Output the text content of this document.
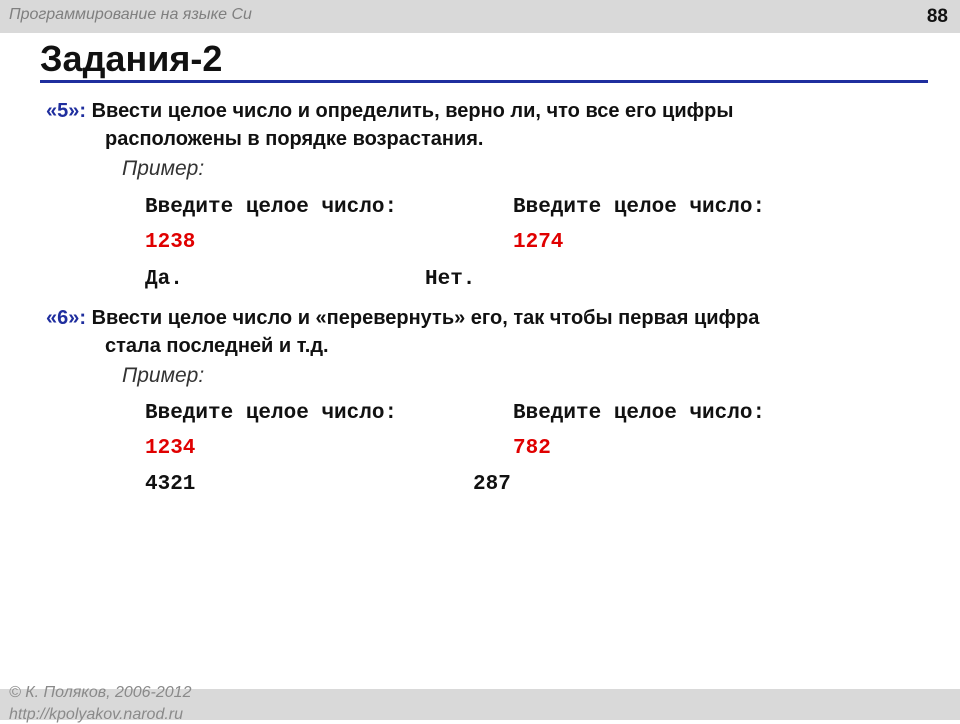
Программирование на языке Си	88
Задания-2
«5»: Ввести целое число и определить, верно ли, что все его цифры
расположены в порядке возрастания.
Пример:
Введите целое число:	Введите целое число:
1238	1274
Да.	Нет.
«6»: Ввести целое число и «перевернуть» его, так чтобы первая цифра
стала последней и т.д.
Пример:
Введите целое число:	Введите целое число:
1234	782
4321	287
© К. Поляков, 2006-2012
http://kpolyakov.narod.ru
